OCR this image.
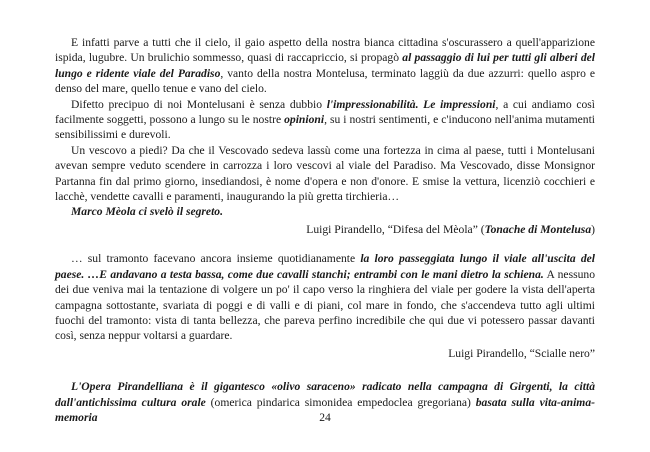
E infatti parve a tutti che il cielo, il gaio aspetto della nostra bianca cittadina s'oscurassero a quell'apparizione ispida, lugubre. Un brulichio sommesso, quasi di raccapriccio, si propagò al passaggio di lui per tutti gli alberi del lungo e ridente viale del Paradiso, vanto della nostra Montelusa, terminato laggiù da due azzurri: quello aspro e denso del mare, quello tenue e vano del cielo.

Difetto precipuo di noi Montelusani è senza dubbio l'impressionabilità. Le impressioni, a cui andiamo così facilmente soggetti, possono a lungo su le nostre opinioni, su i nostri sentimenti, e c'inducono nell'anima mutamenti sensibilissimi e durevoli.

Un vescovo a piedi? Da che il Vescovado sedeva lassù come una fortezza in cima al paese, tutti i Montelusani avevan sempre veduto scendere in carrozza i loro vescovi al viale del Paradiso. Ma Vescovado, disse Monsignor Partanna fin dal primo giorno, insediandosi, è nome d'opera e non d'onore. E smise la vettura, licenziò cocchieri e lacchè, vendette cavalli e paramenti, inaugurando la più gretta tirchieria…

Marco Mèola ci svelò il segreto.

Luigi Pirandello, “Difesa del Mèola” (Tonache di Montelusa)

… sul tramonto facevano ancora insieme quotidianamente la loro passeggiata lungo il viale all'uscita del paese. …E andavano a testa bassa, come due cavalli stanchi; entrambi con le mani dietro la schiena. A nessuno dei due veniva mai la tentazione di volgere un po' il capo verso la ringhiera del viale per godere la vista dell'aperta campagna sottostante, svariata di poggi e di valli e di piani, col mare in fondo, che s'accendeva tutto agli ultimi fuochi del tramonto: vista di tanta bellezza, che pareva perfino incredibile che qui due vi potessero passar davanti così, senza neppur voltarsi a guardare.

Luigi Pirandello, “Scialle nero”

L'Opera Pirandelliana è il gigantesco «olivo saraceno» radicato nella campagna di Girgenti, la città dall'antichissima cultura orale (omerica pindarica simonidea empedoclea gregoriana) basata sulla vita-anima-memoria	24
